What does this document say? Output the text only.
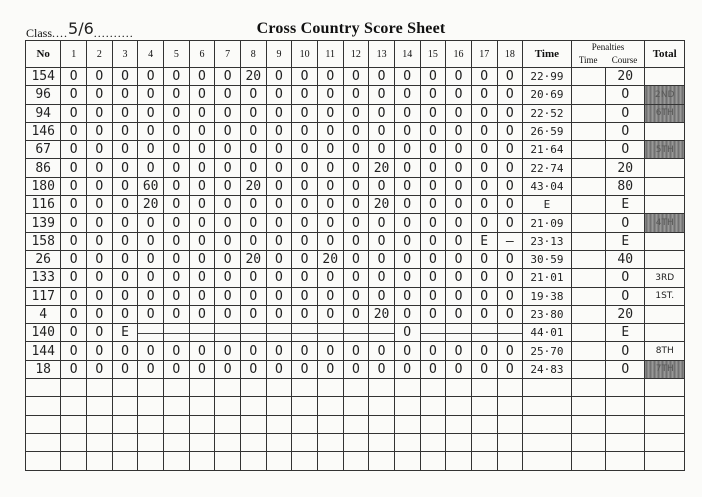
Class....5/6..........	Cross Country Score Sheet
No	1	2	3	4	5	6	7	8	9	10	11	12	13	14	15	16	17	18	Time	Penalties
Time Course		Total
154	O	O	O	O	O	O	O	20	O	O	O	O	O	O	O	O	O	O	22·99		20	
96	O	O	O	O	O	O	O	O	O	O	O	O	O	O	O	O	O	O	20·69		O	2ND
94	O	O	O	O	O	O	O	O	O	O	O	O	O	O	O	O	O	O	22·52		O	6TH
146	O	O	O	O	O	O	O	O	O	O	O	O	O	O	O	O	O	O	26·59		O	
67	O	O	O	O	O	O	O	O	O	O	O	O	O	O	O	O	O	O	21·64		O	5TH
86	O	O	O	O	O	O	O	O	O	O	O	O	20	O	O	O	O	O	22·74		20	
180	O	O	O	60	O	O	O	20	O	O	O	O	O	O	O	O	O	O	43·04		80	
116	O	O	O	20	O	O	O	O	O	O	O	O	20	O	O	O	O	O	E		E	
139	O	O	O	O	O	O	O	O	O	O	O	O	O	O	O	O	O	O	21·09		O	4TH
158	O	O	O	O	O	O	O	O	O	O	O	O	O	O	O	O	E	—	23·13		E	
26	O	O	O	O	O	O	O	20	O	O	20	O	O	O	O	O	O	O	30·59		40	
133	O	O	O	O	O	O	O	O	O	O	O	O	O	O	O	O	O	O	21·01		O	3RD
117	O	O	O	O	O	O	O	O	O	O	O	O	O	O	O	O	O	O	19·38		O	1ST.
4	O	O	O	O	O	O	O	O	O	O	O	O	20	O	O	O	O	O	23·80		20	
140	O	O	E											O					44·01		E	
144	O	O	O	O	O	O	O	O	O	O	O	O	O	O	O	O	O	O	25·70		O	8TH
18	O	O	O	O	O	O	O	O	O	O	O	O	O	O	O	O	O	O	24·83		O	7TH
